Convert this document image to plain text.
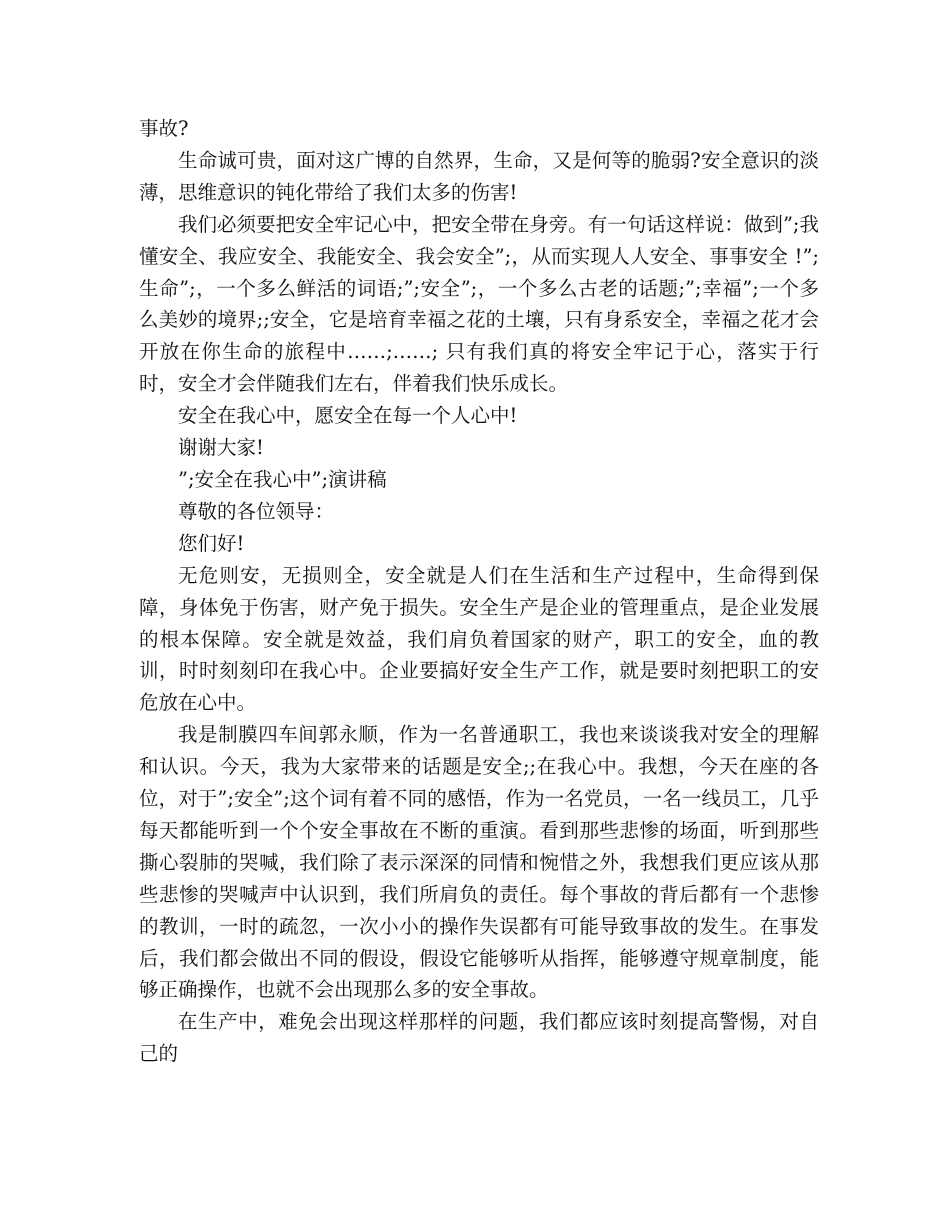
事故?

生命诚可贵，面对这广博的自然界，生命，又是何等的脆弱?安全意识的淡薄，思维意识的钝化带给了我们太多的伤害!

我们必须要把安全牢记心中，把安全带在身旁。有一句话这样说：做到”;我懂安全、我应安全、我能安全、我会安全”;，从而实现人人安全、事事安全 !”;生命”;，一个多么鲜活的词语;”;安全”;，一个多么古老的话题;”;幸福”;一个多么美妙的境界;;安全，它是培育幸福之花的土壤，只有身系安全，幸福之花才会开放在你生命的旅程中……;……; 只有我们真的将安全牢记于心，落实于行时，安全才会伴随我们左右，伴着我们快乐成长。

安全在我心中，愿安全在每一个人心中!

谢谢大家!

”;安全在我心中”;演讲稿

尊敬的各位领导：

您们好!

无危则安，无损则全，安全就是人们在生活和生产过程中，生命得到保障，身体免于伤害，财产免于损失。安全生产是企业的管理重点，是企业发展的根本保障。安全就是效益，我们肩负着国家的财产，职工的安全，血的教训，时时刻刻印在我心中。企业要搞好安全生产工作，就是要时刻把职工的安危放在心中。

我是制膜四车间郭永顺，作为一名普通职工，我也来谈谈我对安全的理解和认识。今天，我为大家带来的话题是安全;;在我心中。我想，今天在座的各位，对于”;安全”;这个词有着不同的感悟，作为一名党员，一名一线员工，几乎每天都能听到一个个安全事故在不断的重演。看到那些悲惨的场面，听到那些撕心裂肺的哭喊，我们除了表示深深的同情和惋惜之外，我想我们更应该从那些悲惨的哭喊声中认识到，我们所肩负的责任。每个事故的背后都有一个悲惨的教训，一时的疏忽，一次小小的操作失误都有可能导致事故的发生。在事发后，我们都会做出不同的假设，假设它能够听从指挥，能够遵守规章制度，能够正确操作，也就不会出现那么多的安全事故。

在生产中，难免会出现这样那样的问题，我们都应该时刻提高警惕，对自己的
